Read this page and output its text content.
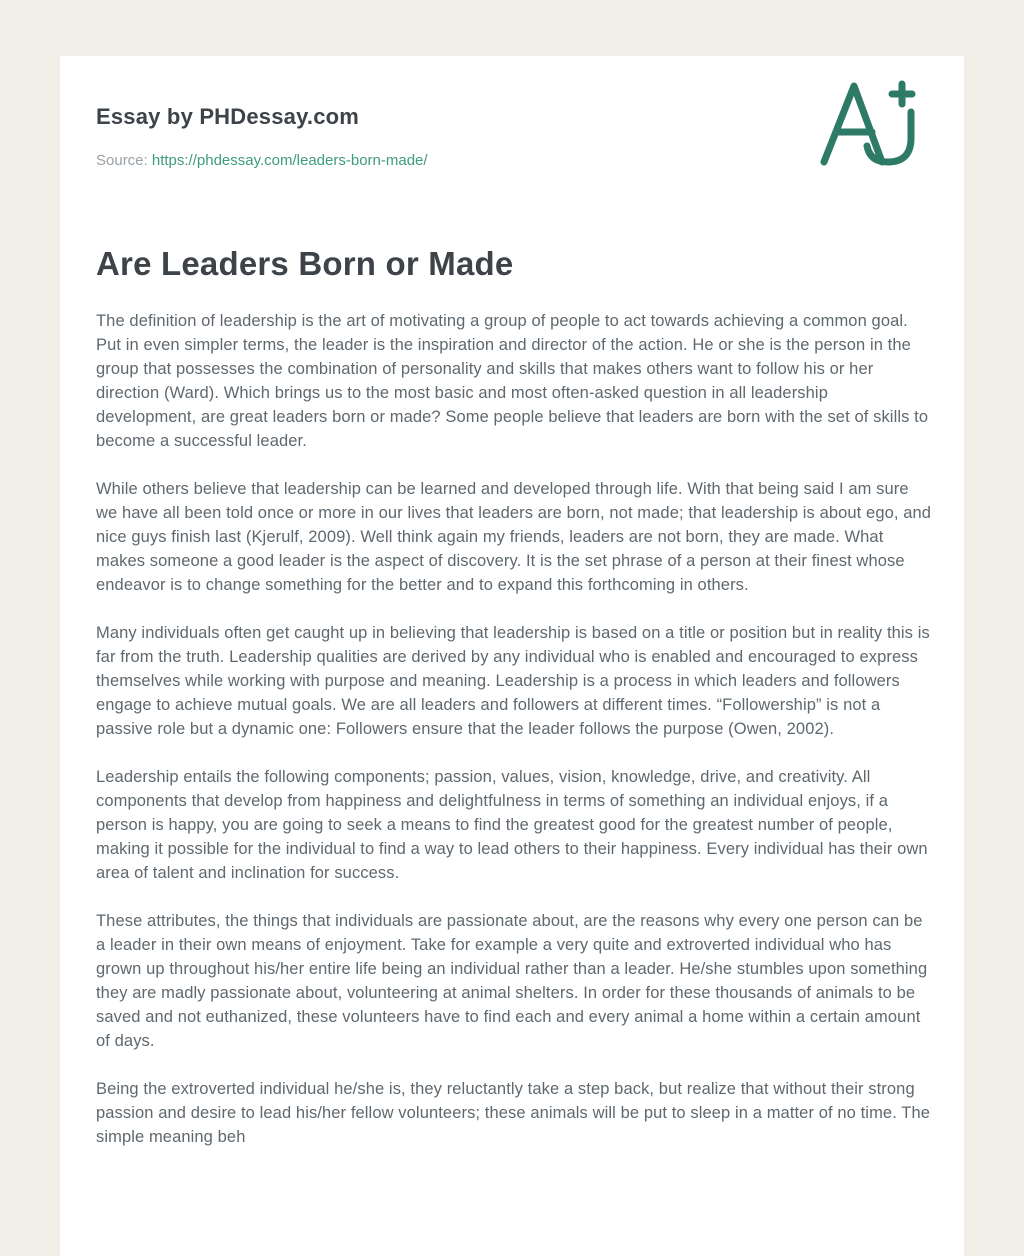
Essay by PHDessay.com
Source: https://phdessay.com/leaders-born-made/
Are Leaders Born or Made

The definition of leadership is the art of motivating a group of people to act towards achieving a common goal. Put in even simpler terms, the leader is the inspiration and director of the action. He or she is the person in the group that possesses the combination of personality and skills that makes others want to follow his or her direction (Ward). Which brings us to the most basic and most often-asked question in all leadership development, are great leaders born or made? Some people believe that leaders are born with the set of skills to become a successful leader.

While others believe that leadership can be learned and developed through life. With that being said I am sure we have all been told once or more in our lives that leaders are born, not made; that leadership is about ego, and nice guys finish last (Kjerulf, 2009). Well think again my friends, leaders are not born, they are made. What makes someone a good leader is the aspect of discovery. It is the set phrase of a person at their finest whose endeavor is to change something for the better and to expand this forthcoming in others.

Many individuals often get caught up in believing that leadership is based on a title or position but in reality this is far from the truth. Leadership qualities are derived by any individual who is enabled and encouraged to express themselves while working with purpose and meaning. Leadership is a process in which leaders and followers engage to achieve mutual goals. We are all leaders and followers at different times. “Followership” is not a passive role but a dynamic one: Followers ensure that the leader follows the purpose (Owen, 2002).

Leadership entails the following components; passion, values, vision, knowledge, drive, and creativity. All components that develop from happiness and delightfulness in terms of something an individual enjoys, if a person is happy, you are going to seek a means to find the greatest good for the greatest number of people, making it possible for the individual to find a way to lead others to their happiness. Every individual has their own area of talent and inclination for success.

These attributes, the things that individuals are passionate about, are the reasons why every one person can be a leader in their own means of enjoyment. Take for example a very quite and extroverted individual who has grown up throughout his/her entire life being an individual rather than a leader. He/she stumbles upon something they are madly passionate about, volunteering at animal shelters. In order for these thousands of animals to be saved and not euthanized, these volunteers have to find each and every animal a home within a certain amount of days.

Being the extroverted individual he/she is, they reluctantly take a step back, but realize that without their strong passion and desire to lead his/her fellow volunteers; these animals will be put to sleep in a matter of no time. The simple meaning beh
